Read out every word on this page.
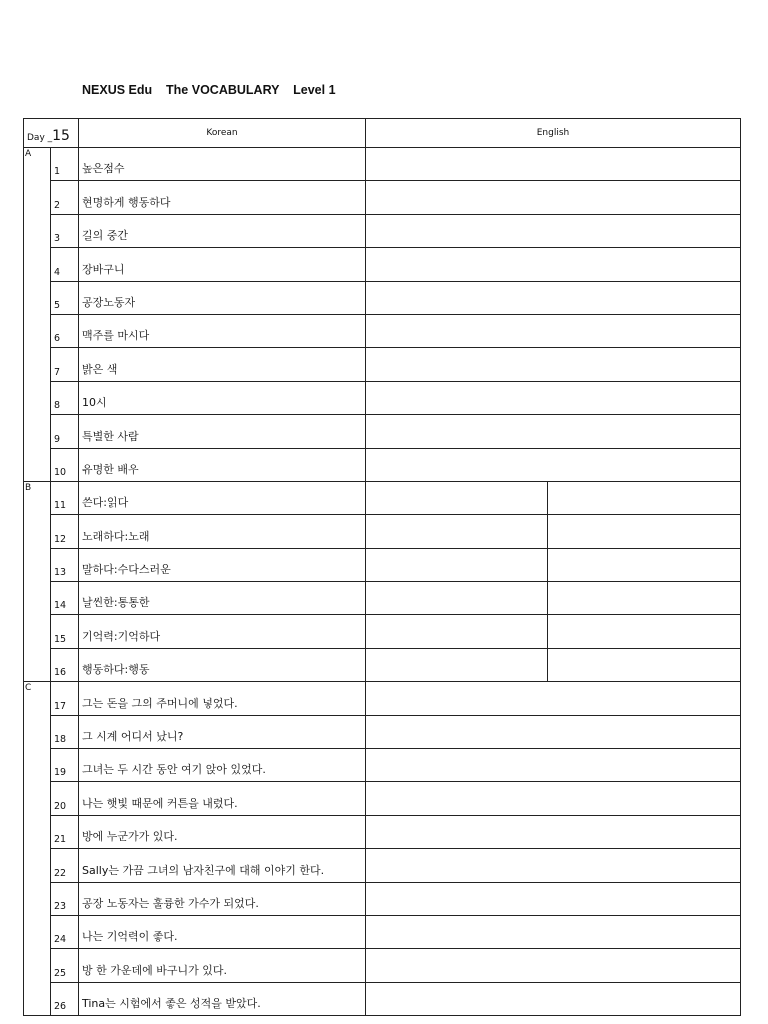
NEXUS Edu    The VOCABULARY    Level 1
Day _15		Korean	English	
A	1	높은점수		
	2	현명하게 행동하다		
	3	길의 중간		
	4	장바구니		
	5	공장노동자		
	6	맥주를 마시다		
	7	밝은 색		
	8	10시		
	9	특별한 사람		
	10	유명한 배우		
B	11	쓴다:읽다		
	12	노래하다:노래		
	13	말하다:수다스러운		
	14	날씬한:통통한		
	15	기억력:기억하다		
	16	행동하다:행동		
C	17	그는 돈을 그의 주머니에 넣었다.		
	18	그 시계 어디서 났니?		
	19	그녀는 두 시간 동안 여기 앉아 있었다.		
	20	나는 햇빛 때문에 커튼을 내렸다.		
	21	방에 누군가가 있다.		
	22	Sally는 가끔 그녀의 남자친구에 대해 이야기 한다.		
	23	공장 노동자는 훌륭한 가수가 되었다.		
	24	나는 기억력이 좋다.		
	25	방 한 가운데에 바구니가 있다.		
	26	Tina는 시험에서 좋은 성적을 받았다.		
